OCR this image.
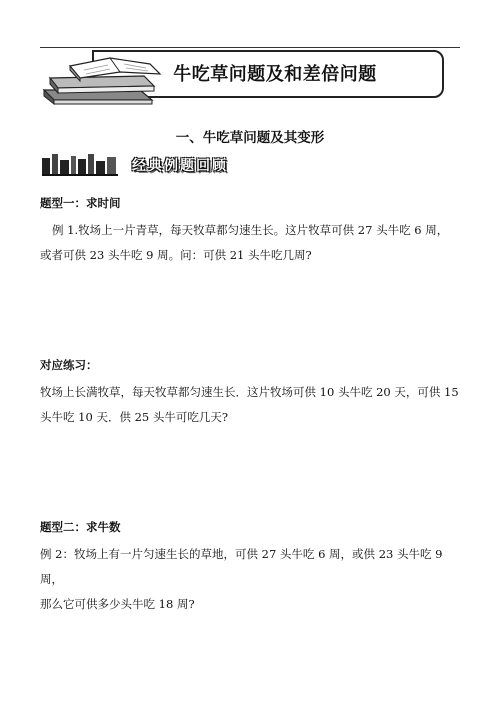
牛吃草问题及和差倍问题
一、牛吃草问题及其变形
经典例题回顾
题型一：求时间
例 1.牧场上一片青草，每天牧草都匀速生长。这片牧草可供 27 头牛吃 6 周，
或者可供 23 头牛吃 9 周。问：可供 21 头牛吃几周?
对应练习：
牧场上长满牧草，每天牧草都匀速生长．这片牧场可供 10 头牛吃 20 天，可供 15
头牛吃 10 天．供 25 头牛可吃几天?
题型二：求牛数
例 2：牧场上有一片匀速生长的草地，可供 27 头牛吃 6 周，或供 23 头牛吃 9 周，
那么它可供多少头牛吃 18 周?
